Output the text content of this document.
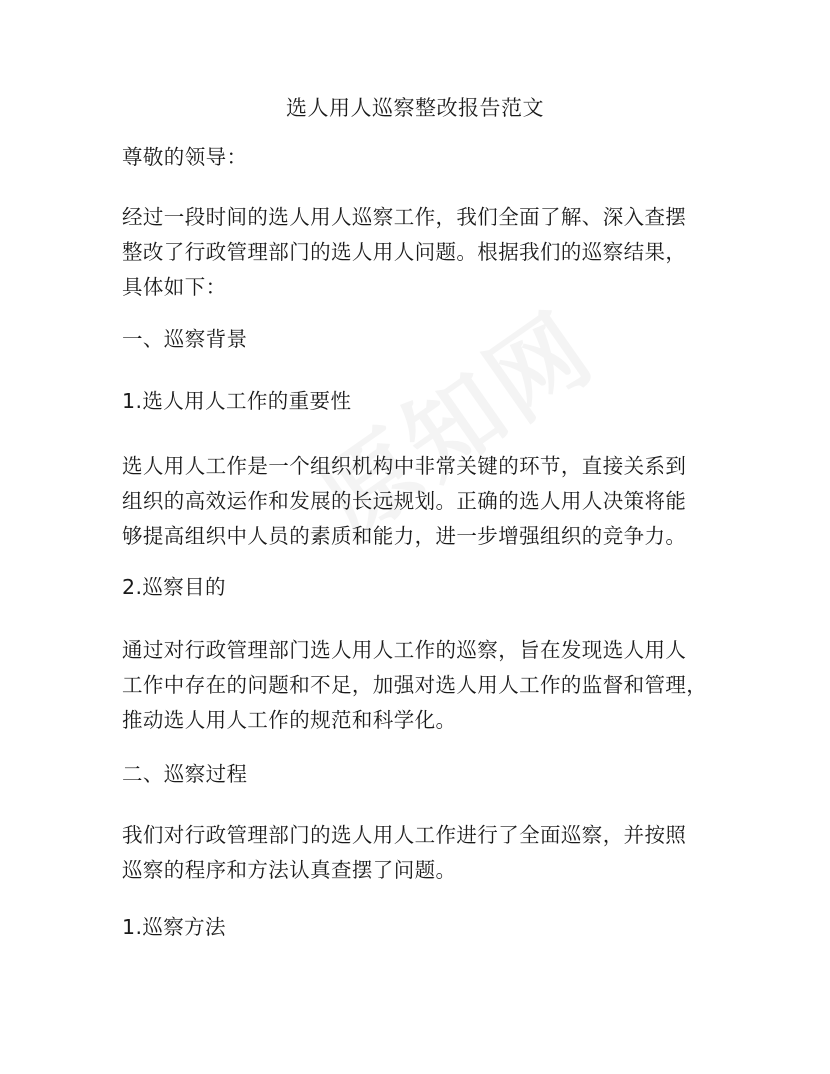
选人用人巡察整改报告范文

尊敬的领导：

经过一段时间的选人用人巡察工作，我们全面了解、深入查摆
整改了行政管理部门的选人用人问题。根据我们的巡察结果，
具体如下：

一、巡察背景

1.选人用人工作的重要性

选人用人工作是一个组织机构中非常关键的环节，直接关系到
组织的高效运作和发展的长远规划。正确的选人用人决策将能
够提高组织中人员的素质和能力，进一步增强组织的竞争力。

2.巡察目的

通过对行政管理部门选人用人工作的巡察，旨在发现选人用人
工作中存在的问题和不足，加强对选人用人工作的监督和管理，
推动选人用人工作的规范和科学化。

二、巡察过程

我们对行政管理部门的选人用人工作进行了全面巡察，并按照
巡察的程序和方法认真查摆了问题。

1.巡察方法
